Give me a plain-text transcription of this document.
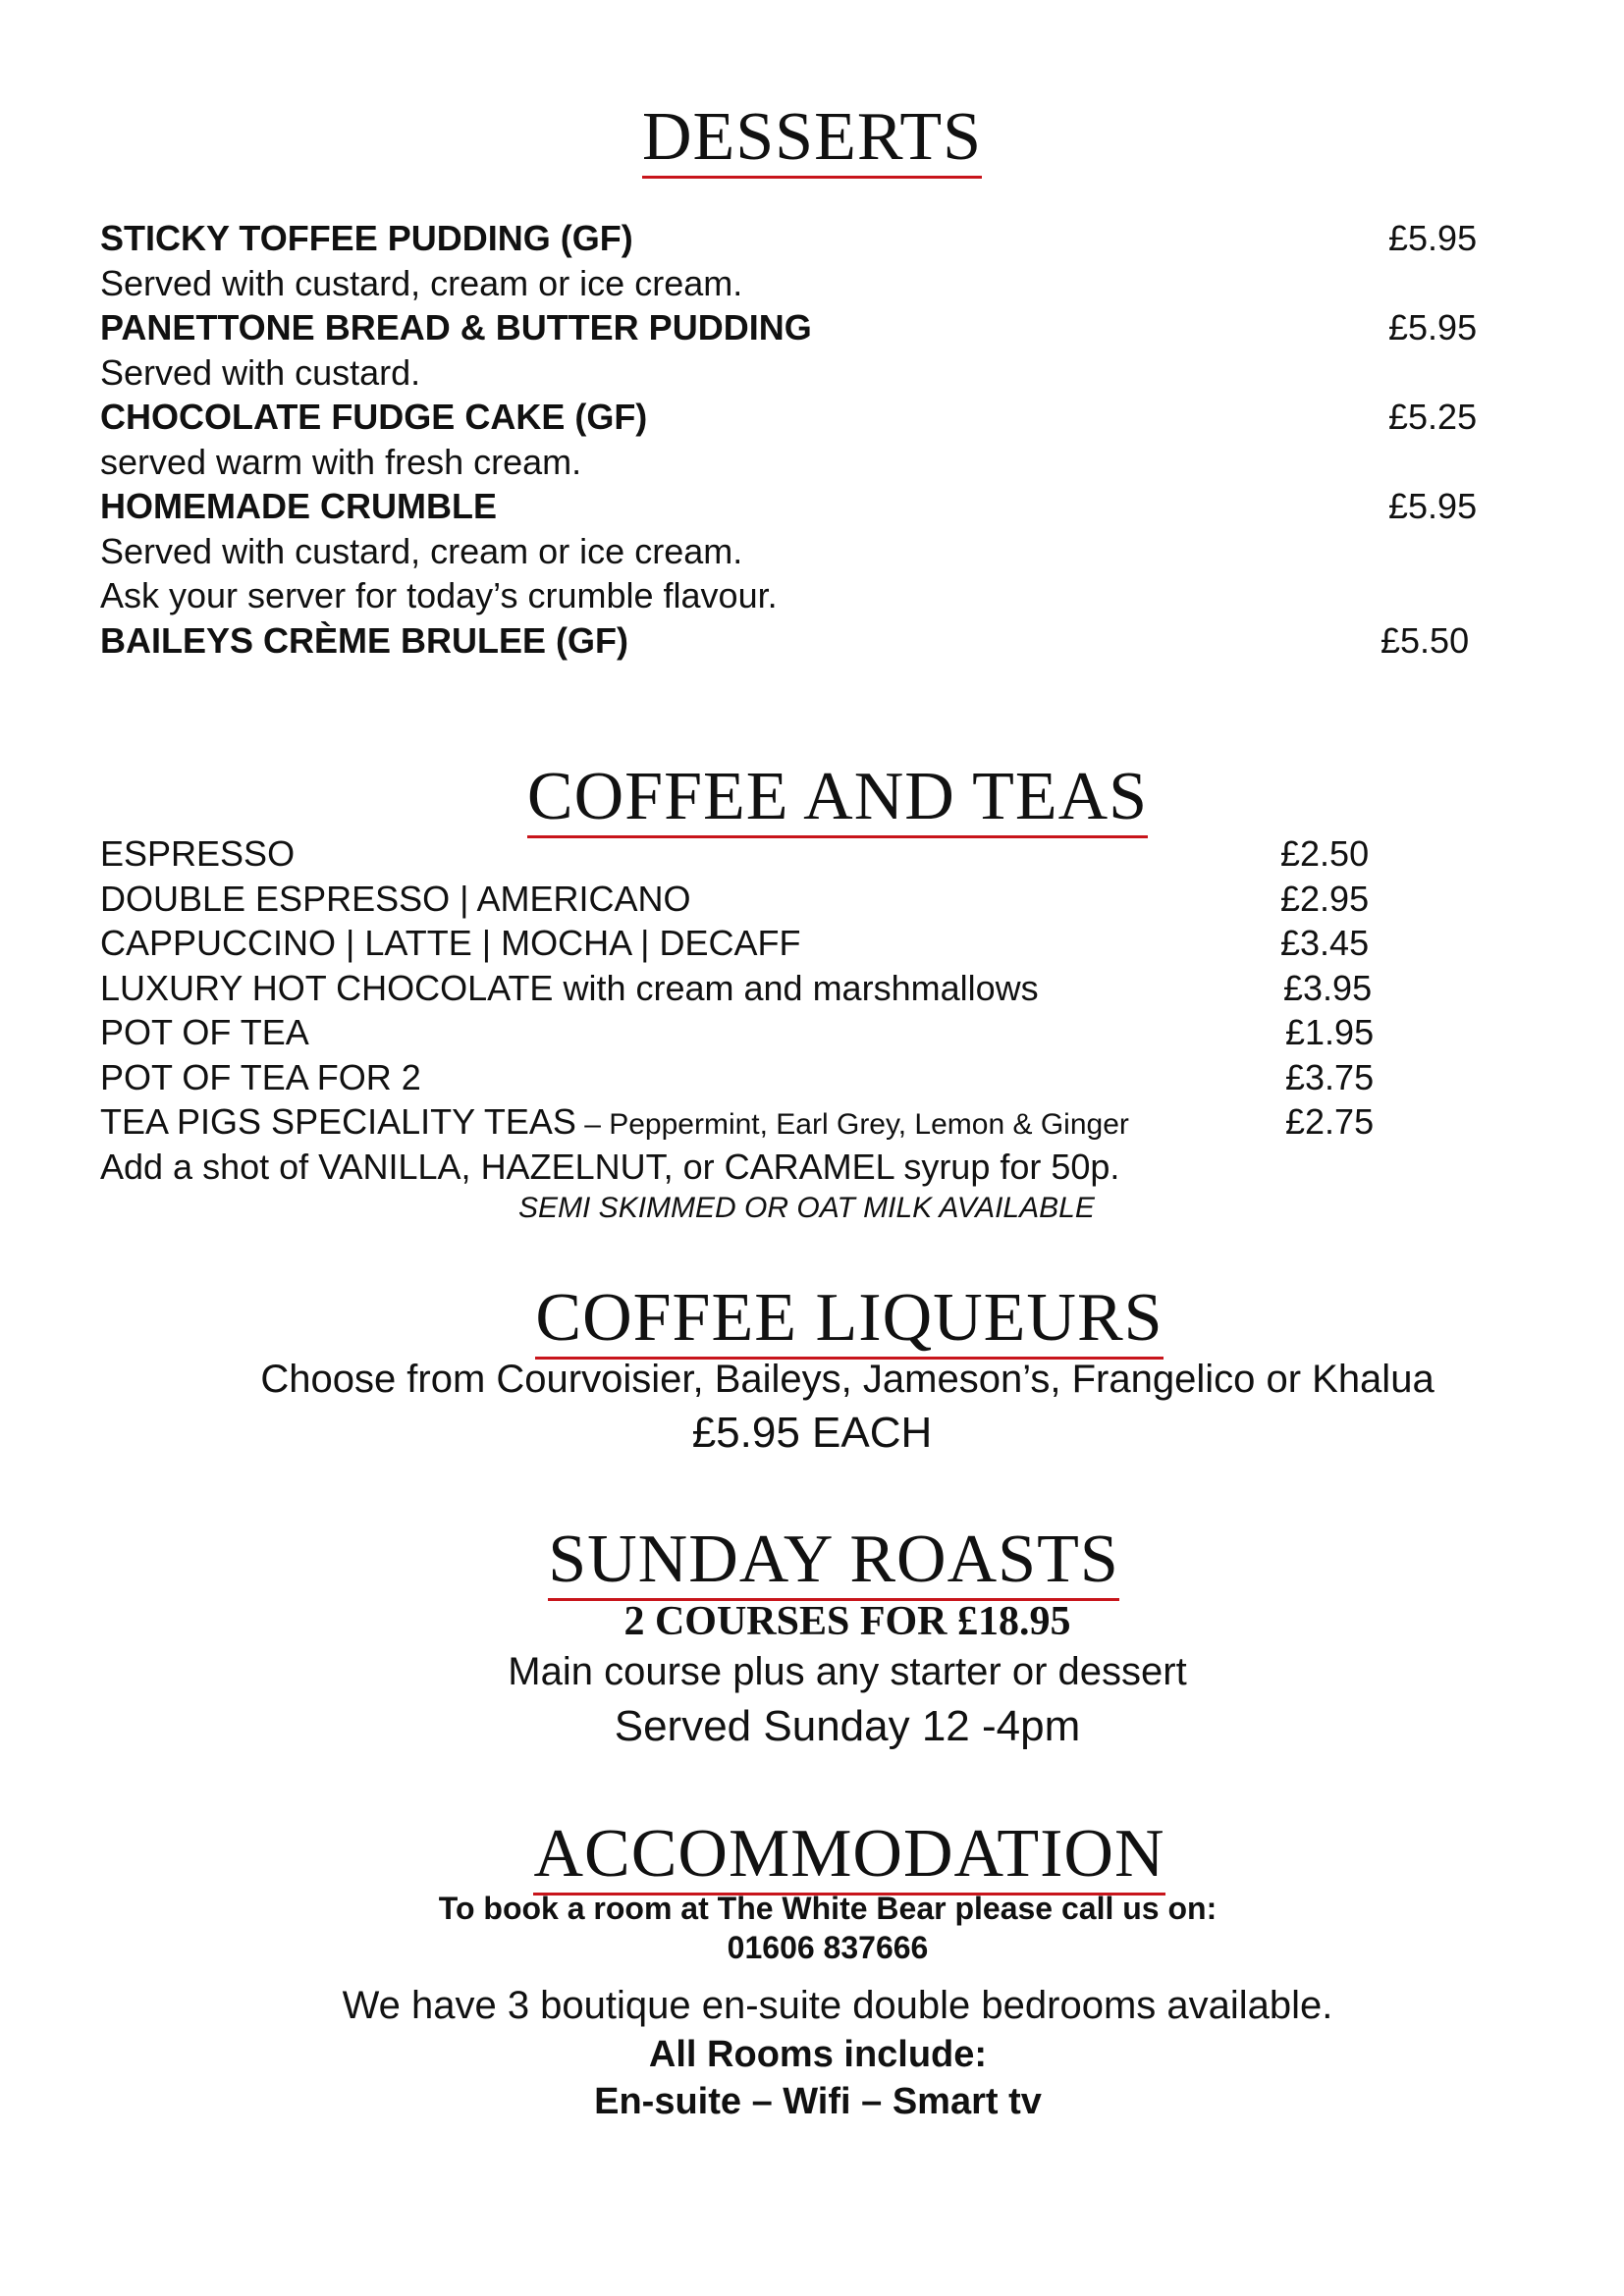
DESSERTS
STICKY TOFFEE PUDDING (GF)	£5.95
Served with custard, cream or ice cream.
PANETTONE BREAD & BUTTER PUDDING	£5.95
Served with custard.
CHOCOLATE FUDGE CAKE (GF)	£5.25
served warm with fresh cream.
HOMEMADE CRUMBLE	£5.95
Served with custard, cream or ice cream.
Ask your server for today’s crumble flavour.
BAILEYS CRÈME BRULEE (GF)	£5.50
COFFEE AND TEAS
ESPRESSO	£2.50
DOUBLE ESPRESSO | AMERICANO	£2.95
CAPPUCCINO | LATTE | MOCHA | DECAFF	£3.45
LUXURY HOT CHOCOLATE with cream and marshmallows	£3.95
POT OF TEA	£1.95
POT OF TEA FOR 2	£3.75
TEA PIGS SPECIALITY TEAS – Peppermint, Earl Grey, Lemon & Ginger	£2.75
Add a shot of VANILLA, HAZELNUT, or CARAMEL syrup for 50p.
SEMI SKIMMED OR OAT MILK AVAILABLE
COFFEE LIQUEURS
Choose from Courvoisier, Baileys, Jameson’s, Frangelico or Khalua
£5.95 EACH
SUNDAY ROASTS
2 COURSES FOR £18.95
Main course plus any starter or dessert
Served Sunday 12 -4pm
ACCOMMODATION
To book a room at The White Bear please call us on:
01606 837666
We have 3 boutique en-suite double bedrooms available.
All Rooms include:
En-suite – Wifi – Smart tv
